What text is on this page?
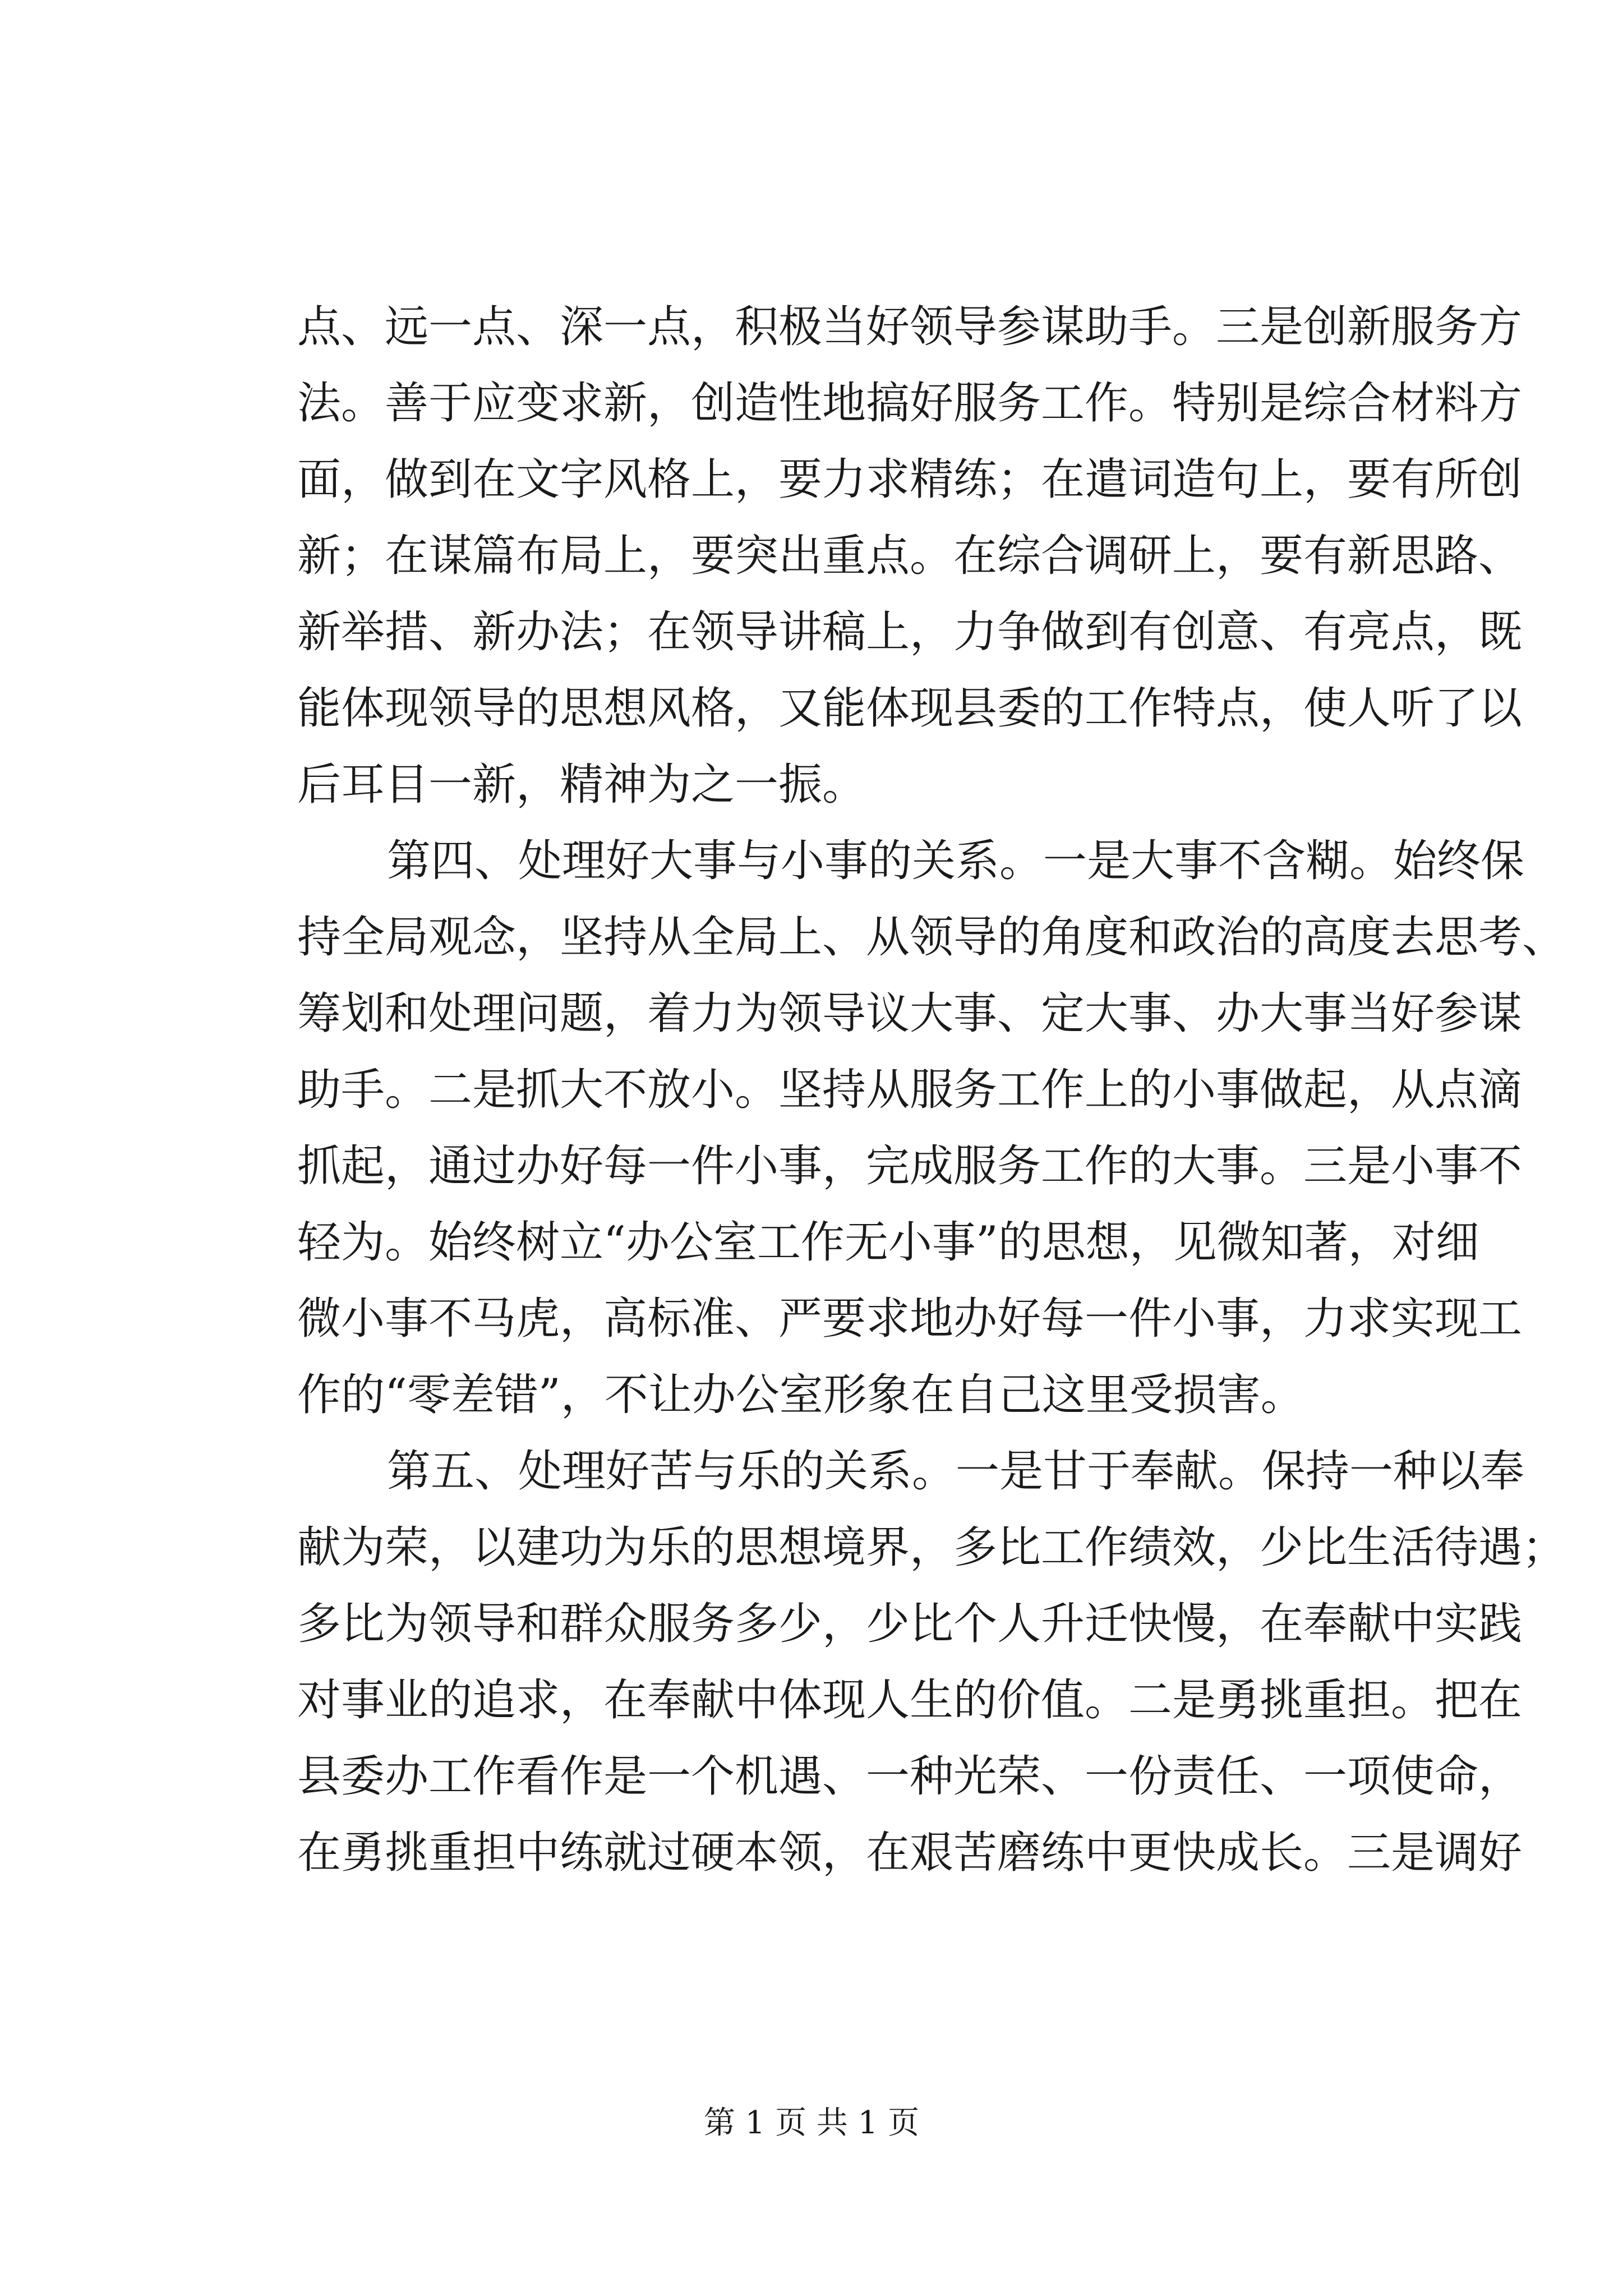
点、远一点、深一点，积极当好领导参谋助手。三是创新服务方
法。善于应变求新，创造性地搞好服务工作。特别是综合材料方
面，做到在文字风格上，要力求精练；在遣词造句上，要有所创
新；在谋篇布局上，要突出重点。在综合调研上，要有新思路、
新举措、新办法；在领导讲稿上，力争做到有创意、有亮点，既
能体现领导的思想风格，又能体现县委的工作特点，使人听了以
后耳目一新，精神为之一振。
第四、处理好大事与小事的关系。一是大事不含糊。始终保
持全局观念，坚持从全局上、从领导的角度和政治的高度去思考、
筹划和处理问题，着力为领导议大事、定大事、办大事当好参谋
助手。二是抓大不放小。坚持从服务工作上的小事做起，从点滴
抓起，通过办好每一件小事，完成服务工作的大事。三是小事不
轻为。始终树立“办公室工作无小事”的思想，见微知著，对细
微小事不马虎，高标准、严要求地办好每一件小事，力求实现工
作的“零差错”，不让办公室形象在自己这里受损害。
第五、处理好苦与乐的关系。一是甘于奉献。保持一种以奉
献为荣，以建功为乐的思想境界，多比工作绩效，少比生活待遇；
多比为领导和群众服务多少，少比个人升迁快慢，在奉献中实践
对事业的追求，在奉献中体现人生的价值。二是勇挑重担。把在
县委办工作看作是一个机遇、一种光荣、一份责任、一项使命，
在勇挑重担中练就过硬本领，在艰苦磨练中更快成长。三是调好
第 1 页 共 1 页
